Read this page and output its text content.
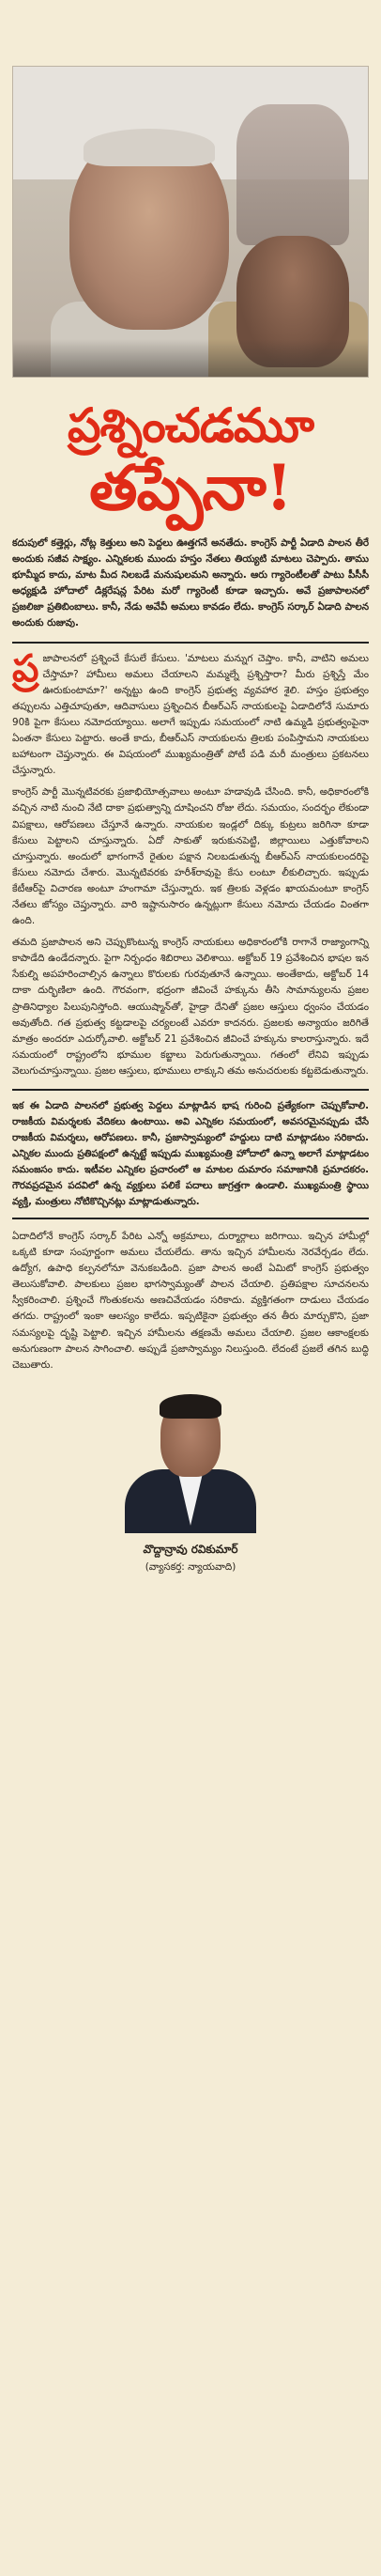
ప్రశ్నించడమూ
తప్పేనా!

కదుపులో కత్తెర్లు, నోట్ల కెత్తులు అని పెద్దలు ఊత్తగనే అనతేదు. కాంగ్రెస్ పార్టీ ఏడాది పాలన తీరే అందుకు సజీవ సాక్ష్యం. ఎన్నికలకు ముందు హస్తం నేతలు తియ్యటి మాటలు చెప్పారు. తాము భూమ్మీద కాదు, మాట మీద నిలబడే మనుషులమని అన్నారు. ఆరు గ్యారెంటీలతో పాటు పీసీసీ అధ్యక్షుడి హోదాలో డిక్లరేషన్ల పేరిట మరో గ్యారెంటీ కూడా ఇచ్చారు. అవే ప్రజాపాలనలో ప్రజలిజా ప్రతిబింబాలు. కానీ, నేడు అవేవీ అమలు కావడం లేదు. కాంగ్రెస్ సర్కార్ ఏడాది పాలన అందుకు రుజువు.

ప్ర జాపాలనలో ప్రశ్నించే కేసులే కేసులు. 'మాటలు మన్నుగ చెప్తాం. కానీ, వాటిని అమలు చేస్తామా? హామీలు అమలు చేయాలని మమ్మల్నే ప్రశ్నిస్తారా? మీరు ప్రశ్నిస్తే మేం ఊరుకుంటామా?' అన్నట్టు ఉంది కాంగ్రెస్ ప్రభుత్వ వ్యవహార శైలి. హస్తం ప్రభుత్వం తప్పులను ఎత్తిచూపుతూ, ఆదివాసులు ప్రశ్నించిన బీఆర్ఎస్ నాయకులపై ఏడాదిలోనే సుమారు 90కి పైగా కేసులు నమోదయ్యాయి. అలాగే ఇప్పుడు సమయంలో నాటి ఉమ్మడి ప్రభుత్వంపైనా ఏంతనా కేసులు పెట్టారు. అంతే కాదు, బీఆర్ఎస్ నాయకులను త్రిలకు పంపిస్తామని నాయకులు బహాటంగా చెప్తున్నారు. ఈ విషయంలో ముఖ్యమంత్రితో పోటీ పడి మరీ మంత్రులు ప్రకటనలు చేస్తున్నారు.

కాంగ్రెస్ పార్టీ మొన్నటివరకు ప్రజాభియోత్సవాలు అంటూ హడావుడి చేసింది. కానీ, అధికారంలోకి వచ్చిన నాటి నుంచి నేటి దాకా ప్రభుత్వాన్ని దూషించని రోజు లేదు. సమయం, సందర్భం లేకుండా విపక్షాలు, ఆరోపణలు చేస్తూనే ఉన్నారు. నాయకుల ఇండ్లలో దిక్కు కుట్రలు జరిగినా కూడా కేసులు పెట్టాలని చూస్తున్నారు. ఏదో సాకుతో ఇరుకునపెట్టి, జిల్లాయిలు ఎత్తుకోవాలని చూస్తున్నారు. అందులో భాగంగానే రైతుల పక్షాన నిలబడుతున్న బీఆర్ఎస్ నాయకులందరిపై కేసులు నమోదు చేశారు. మొన్నటివరకు హరీశ్‌రావుపై కేసు లంటూ లీకులిచ్చారు. ఇప్పుడు కేటీఆర్‌పై విచారణ అంటూ హంగామా చేస్తున్నారు. ఇక త్రిలకు వెళ్లడం ఖాయమంటూ కాంగ్రెస్ నేతలు జోస్యం చెప్తున్నారు. వారి ఇష్టానుసారం ఉన్నట్లుగా కేసులు నమోదు చేయడం వింతగా ఉంది.

తమది ప్రజాపాలన అని చెప్పుకొంటున్న కాంగ్రెస్ నాయకులు అధికారంలోకి రాగానే రాజ్యాంగాన్ని కాపాడేది ఉండేదన్నారు. పైగా నిర్బంధం శిబిరాలు వెలిశాయి. అక్టోబర్ 19 ప్రవేశించిన భాషల ఇన సేకుల్ని అపహరించాల్సిన ఉన్నాలు కొరులకు గురవుతూనే ఉన్నాయి. అంతేకాదు, అక్టోబర్ 14 దాకా దుర్భిణిలా ఉంది. గౌరవంగా, భద్రంగా జీవించే హక్కును తీసి సామాన్యులను ప్రజల ప్రాతినిధ్యాల పిలుపునిస్తోంది. ఆయుష్మాన్‌తో, హైడ్రా దేనితో ప్రజల ఆస్తులు ధ్వంసం చేయడం అవుతోంది. గత ప్రభుత్వ కట్టడాలపై చర్యలంటే ఎవరూ కాదనరు. ప్రజలకు అన్యాయం జరిగితే మాత్రం అందరూ ఎదుర్కోవాలి. అక్టోబర్ 21 ప్రవేశించిన జీవించే హక్కును కాలరాస్తున్నారు. ఇదే సమయంలో రాష్ట్రంలోని భూముల కబ్జాలు పెరుగుతున్నాయి. గతంలో లేనివి ఇప్పుడు వెలుగుచూస్తున్నాయి. ప్రజల ఆస్తులు, భూములు లాక్కుని తమ అనుచరులకు కట్టబెడుతున్నారు.

ఇక ఈ ఏడాది పాలనలో ప్రభుత్వ పెద్దలు మాట్లాడిన భాష గురించి ప్రత్యేకంగా చెప్పుకోవాలి. రాజకీయ విమర్శలకు వేదికలు ఉంటాయి. అవి ఎన్నికల సమయంలో, అవసరమైనప్పుడు చేసే రాజకీయ విమర్శలు, ఆరోపణలు. కానీ, ప్రజాస్వామ్యంలో హద్దులు దాటి మాట్లాడటం సరికాదు. ఎన్నికల ముందు ప్రతిపక్షంలో ఉన్నట్టే ఇప్పుడు ముఖ్యమంత్రి హోదాలో ఉన్నా అలాగే మాట్లాడటం సమంజసం కాదు. ఇటీవల ఎన్నికల ప్రచారంలో ఆ మాటల దుమారం సమాజానికి ప్రమాదకరం. గౌరవప్రదమైన పదవిలో ఉన్న వ్యక్తులు పలికే పదాలు జాగ్రత్తగా ఉండాలి. ముఖ్యమంత్రి స్థాయి వ్యక్తి, మంత్రులు నోటికొచ్చినట్లు మాట్లాడుతున్నారు.

ఏదాదిలోనే కాంగ్రెస్ సర్కార్ పేరిట ఎన్నో అక్రమాలు, దుర్మార్గాలు జరిగాయి. ఇచ్చిన హామీల్లో ఒక్కటి కూడా సంపూర్ణంగా అమలు చేయలేదు. తాను ఇచ్చిన హామీలను నెరవేర్చడం లేదు. ఉద్యోగ, ఉపాధి కల్పనలోనూ వెనుకబడింది. ప్రజా పాలన అంటే ఏమిటో కాంగ్రెస్ ప్రభుత్వం తెలుసుకోవాలి. పాలకులు ప్రజల భాగస్వామ్యంతో పాలన చేయాలి. ప్రతిపక్షాల సూచనలను స్వీకరించాలి. ప్రశ్నించే గొంతుకలను అణచివేయడం సరికాదు. వ్యక్తిగతంగా దాడులు చేయడం తగదు. రాష్ట్రంలో ఇంకా ఆలస్యం కాలేదు. ఇప్పటికైనా ప్రభుత్వం తన తీరు మార్చుకొని, ప్రజా సమస్యలపై దృష్టి పెట్టాలి. ఇచ్చిన హామీలను తక్షణమే అమలు చేయాలి. ప్రజల ఆకాంక్షలకు అనుగుణంగా పాలన సాగించాలి. అప్పుడే ప్రజాస్వామ్యం నిలుస్తుంది. లేదంటే ప్రజలే తగిన బుద్ధి చెబుతారు.

వొద్దాన్రావు రవికుమార్
(వ్యాసకర్త: న్యాయవాది)
